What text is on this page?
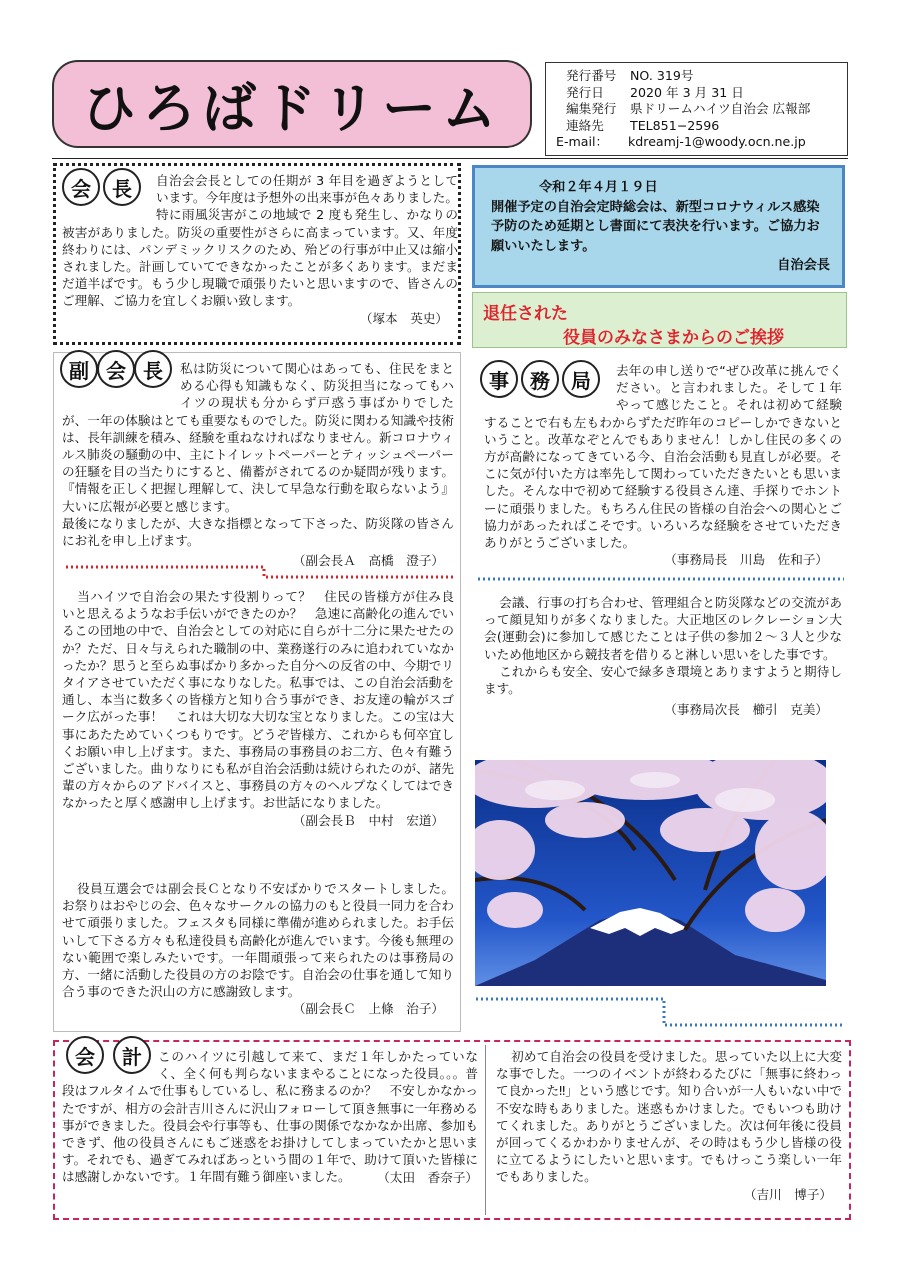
ひろばドリーム
発行番号	NO. 319号
発行日	2020 年 3 月 31 日
編集発行	県ドリームハイツ自治会 広報部
連絡先	TEL851−2596
E-mail：	kdreamj-1@woody.ocn.ne.jp
会	長	自治会会長としての任期が 3 年目を過ぎようとしています。今年度は予想外の出来事が色々ありました。特に雨風災害がこの地域で 2 度も発生し、かなりの被害がありました。防災の重要性がさらに高まっています。又、年度終わりには、パンデミックリスクのため、殆どの行事が中止又は縮小されました。計画していてできなかったことが多くあります。まだまだ道半ばです。もう少し現職で頑張りたいと思いますので、皆さんのご理解、ご協力を宜しくお願い致します。

（塚本　英史）

令和２年４月１９日
開催予定の自治会定時総会は、新型コロナウィルス感染予防のため延期とし書面にて表決を行います。ご協力お願いいたします。
自治会長
退任された
役員のみなさまからのご挨拶
副 会 長	私は防災について関心はあっても、住民をまとめる心得も知識もなく、防災担当になってもハイツの現状も分からず戸惑う事ばかりでしたが、一年の体験はとても重要なものでした。防災に関わる知識や技術は、長年訓練を積み、経験を重ねなければなりません。新コロナウィルス肺炎の騒動の中、主にトイレットペーパーとティッシュペーパーの狂騒を目の当たりにすると、備蓄がされてるのか疑問が残ります。『情報を正しく把握し理解して、決して早急な行動を取らないよう』大いに広報が必要と感じます。

最後になりましたが、大きな指標となって下さった、防災隊の皆さんにお礼を申し上げます。

（副会長Ａ　高橋　澄子）

当ハイツで自治会の果たす役割りって？　住民の皆様方が住み良いと思えるようなお手伝いができたのか？　急速に高齢化の進んでいるこの団地の中で、自治会としての対応に自らが十二分に果たせたのか？ただ、日々与えられた職制の中、業務遂行のみに追われていなかったか？思うと至らぬ事ばかり多かった自分への反省の中、今期でリタイアさせていただく事になりなした。私事では、この自治会活動を通し、本当に数多くの皆様方と知り合う事ができ、お友達の輪がスゴーク広がった事！　これは大切な大切な宝となりました。この宝は大事にあたためていくつもりです。どうぞ皆様方、これからも何卒宜しくお願い申し上げます。また、事務局の事務員のお二方、色々有難うございました。曲りなりにも私が自治会活動は続けられたのが、諸先輩の方々からのアドバイスと、事務員の方々のヘルプなくしてはできなかったと厚く感謝申し上げます。お世話になりました。

（副会長Ｂ　中村　宏道）

役員互選会では副会長Ｃとなり不安ばかりでスタートしました。お祭りはおやじの会、色々なサークルの協力のもと役員一同力を合わせて頑張りました。フェスタも同様に準備が進められました。お手伝いして下さる方々も私達役員も高齢化が進んでいます。今後も無理のない範囲で楽しみたいです。一年間頑張って来られたのは事務局の方、一緒に活動した役員の方のお陰です。自治会の仕事を通して知り合う事のできた沢山の方に感謝致します。

（副会長Ｃ　上條　治子）

事	務	局	去年の申し送りで“ぜひ改革に挑んでください。と言われました。そして１年やって感じたこと。それは初めて経験することで右も左もわからずただ昨年のコピーしかできないということ。改革なぞとんでもありません！しかし住民の多くの方が高齢になってきている今、自治会活動も見直しが必要。そこに気が付いた方は率先して関わっていただきたいとも思いました。そんな中で初めて経験する役員さん達、手探りでホントーに頑張りました。もちろん住民の皆様の自治会への関心とご協力があったればこそです。いろいろな経験をさせていただきありがとうございました。

（事務局長　川島　佐和子）

会議、行事の打ち合わせ、管理組合と防災隊などの交流があって顔見知りが多くなりました。大正地区のレクレーション大会(運動会)に参加して感じたことは子供の参加２～３人と少ないため他地区から競技者を借りると淋しい思いをした事です。

これからも安全、安心で緑多き環境とありますようと期待します。

（事務局次長　櫛引　克美）

会	計	このハイツに引越して来て、まだ１年しかたっていなく、全く何も判らないままやることになった役員。。。普段はフルタイムで仕事もしているし、私に務まるのか？　不安しかなかったですが、相方の会計吉川さんに沢山フォローして頂き無事に一年務める事ができました。役員会や行事等も、仕事の関係でなかなか出席、参加もできず、他の役員さんにもご迷惑をお掛けしてしまっていたかと思います。それでも、過ぎてみればあっという間の１年で、助けて頂いた皆様には感謝しかないです。１年間有難う御座いました。	（太田　香奈子）

初めて自治会の役員を受けました。思っていた以上に大変な事でした。一つのイベントが終わるたびに「無事に終わって良かった‼」という感じです。知り合いが一人もいない中で不安な時もありました。迷惑もかけました。でもいつも助けてくれました。ありがとうございました。次は何年後に役員が回ってくるかわかりませんが、その時はもう少し皆様の役に立てるようにしたいと思います。でもけっこう楽しい一年でもありました。

（吉川　博子）
